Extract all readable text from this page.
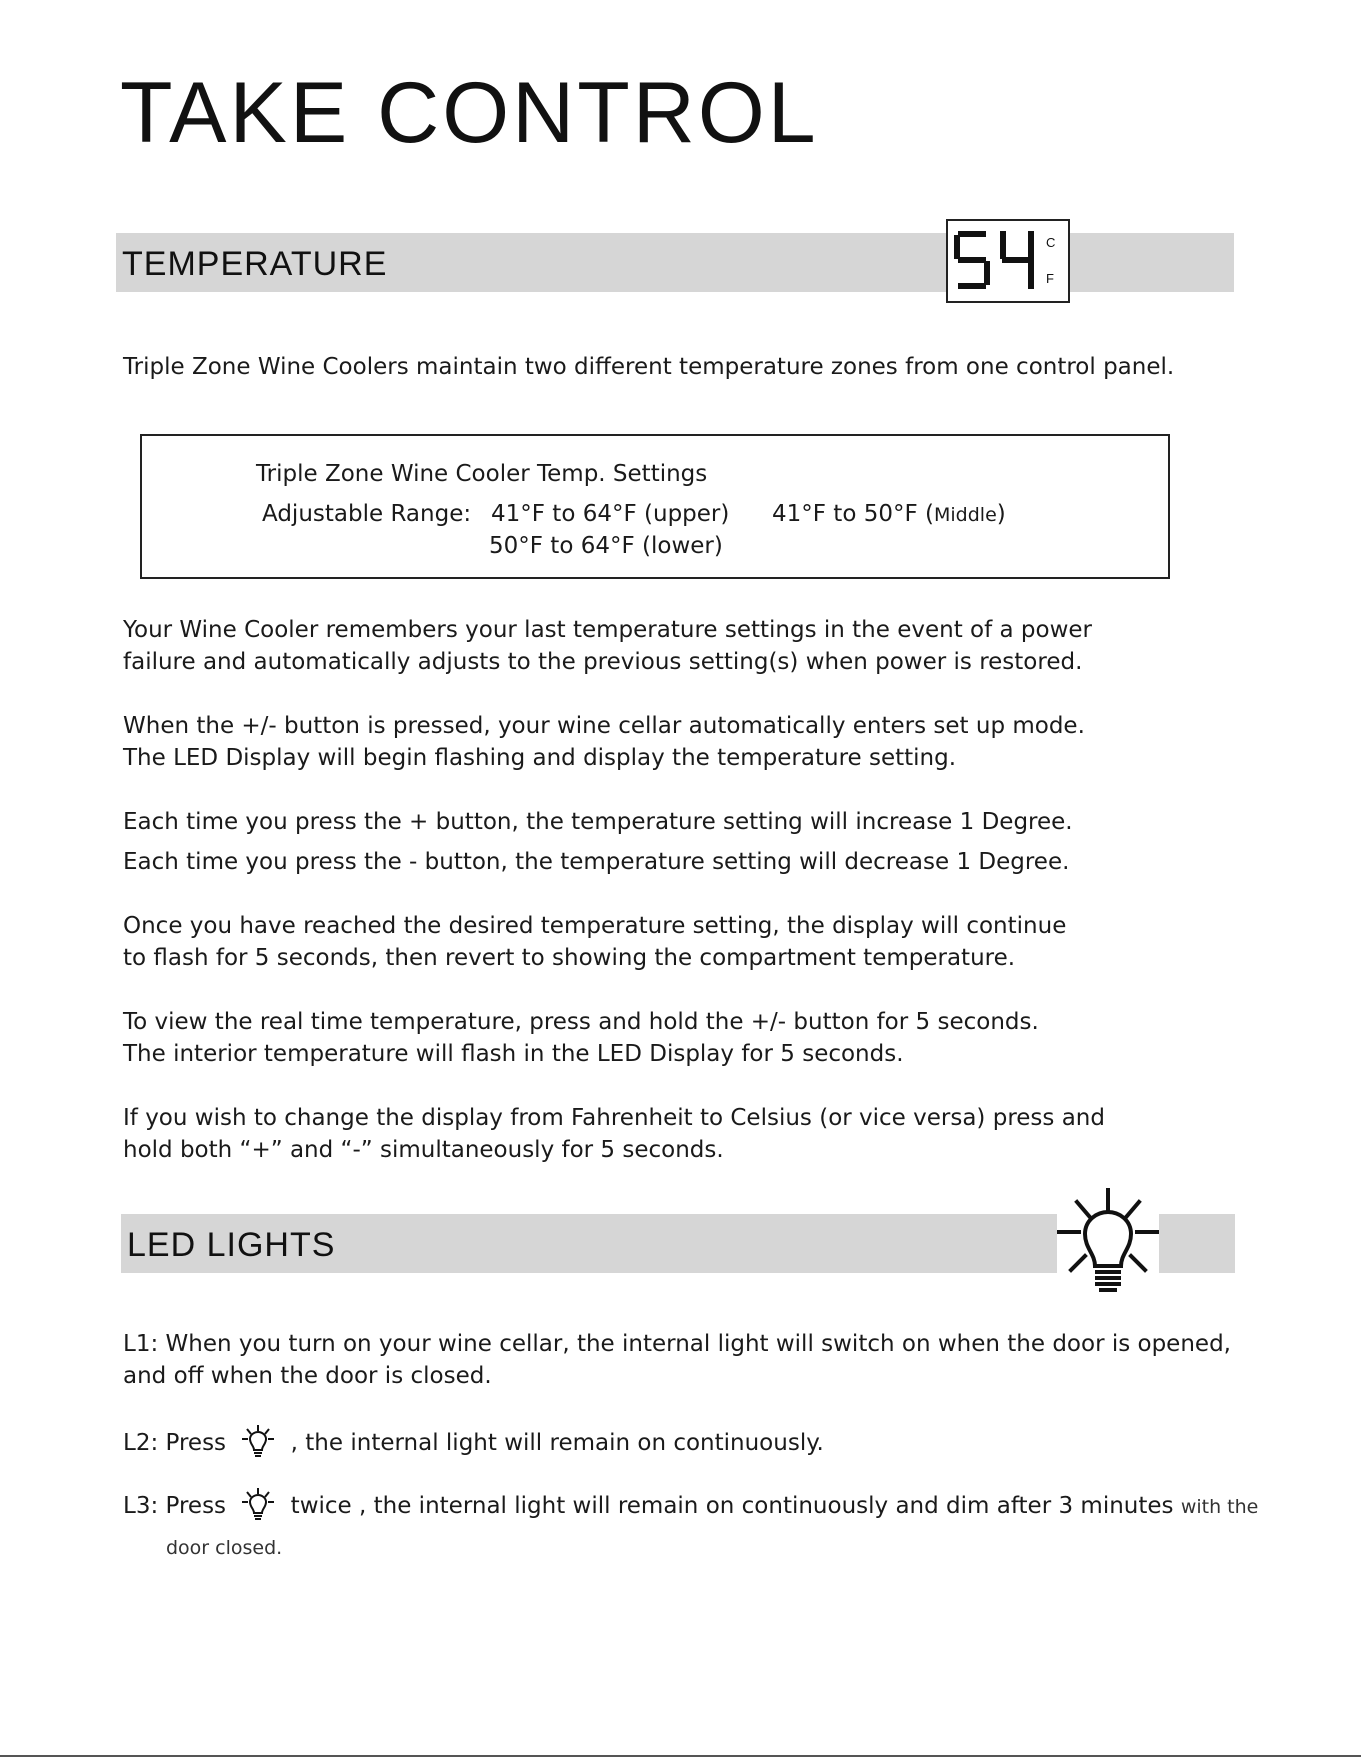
TAKE CONTROL
TEMPERATURE
C
F

Triple Zone Wine Coolers maintain two different temperature zones from one control panel.

Triple Zone Wine Cooler Temp. Settings
Adjustable Range: 41°F to 64°F (upper) 41°F to 50°F (Middle)
50°F to 64°F (lower)

Your Wine Cooler remembers your last temperature settings in the event of a power

failure and automatically adjusts to the previous setting(s) when power is restored.

When the +/- button is pressed, your wine cellar automatically enters set up mode.

The LED Display will begin flashing and display the temperature setting.

Each time you press the + button, the temperature setting will increase 1 Degree.

Each time you press the - button, the temperature setting will decrease 1 Degree.

Once you have reached the desired temperature setting, the display will continue

to flash for 5 seconds, then revert to showing the compartment temperature.

To view the real time temperature, press and hold the +/- button for 5 seconds.

The interior temperature will flash in the LED Display for 5 seconds.

If you wish to change the display from Fahrenheit to Celsius (or vice versa) press and

hold both “+” and “-” simultaneously for 5 seconds.

LED LIGHTS

L1: When you turn on your wine cellar, the internal light will switch on when the door is opened,

and off when the door is closed.

L2: Press	, the internal light will remain on continuously.
L3: Press	twice , the internal light will remain on continuously and dim after 3 minutes with the
door closed.
